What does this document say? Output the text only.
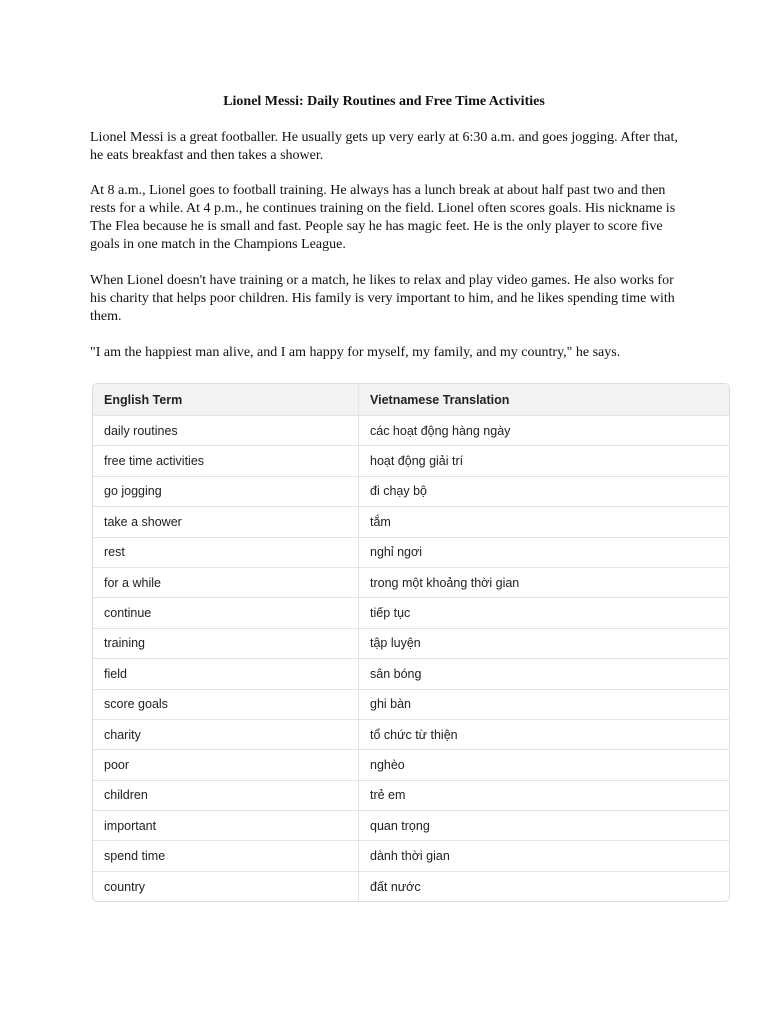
Lionel Messi: Daily Routines and Free Time Activities

Lionel Messi is a great footballer. He usually gets up very early at 6:30 a.m. and goes jogging. After that, he eats breakfast and then takes a shower.

At 8 a.m., Lionel goes to football training. He always has a lunch break at about half past two and then rests for a while. At 4 p.m., he continues training on the field. Lionel often scores goals. His nickname is The Flea because he is small and fast. People say he has magic feet. He is the only player to score five goals in one match in the Champions League.

When Lionel doesn't have training or a match, he likes to relax and play video games. He also works for his charity that helps poor children. His family is very important to him, and he likes spending time with them.

"I am the happiest man alive, and I am happy for myself, my family, and my country," he says.

English Term	Vietnamese Translation
daily routines	các hoạt động hàng ngày
free time activities	hoạt động giải trí
go jogging	đi chạy bộ
take a shower	tắm
rest	nghỉ ngơi
for a while	trong một khoảng thời gian
continue	tiếp tục
training	tập luyện
field	sân bóng
score goals	ghi bàn
charity	tổ chức từ thiện
poor	nghèo
children	trẻ em
important	quan trọng
spend time	dành thời gian
country	đất nước
